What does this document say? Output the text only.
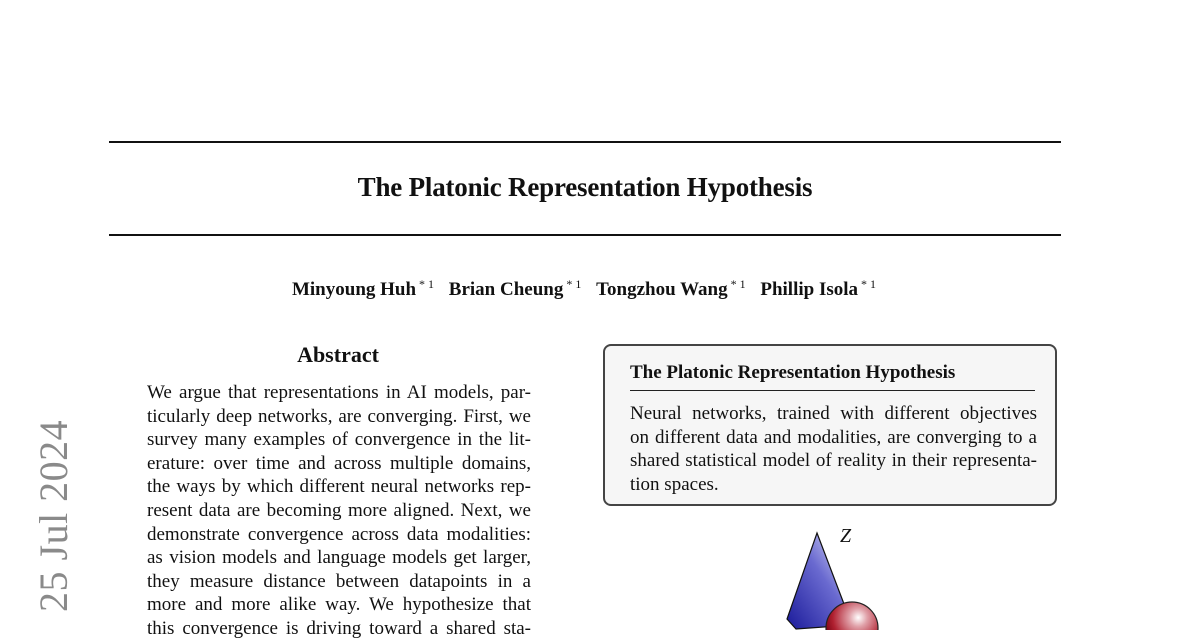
The Platonic Representation Hypothesis
Minyoung Huh $^{* 1}$ Brian Cheung $^{* 1}$ Tongzhou Wang $^{* 1}$ Phillip Isola $^{* 1}$
25 Jul 2024
Abstract
We argue that representations in AI models, par-
ticularly deep networks, are converging. First, we
survey many examples of convergence in the lit-
erature: over time and across multiple domains,
the ways by which different neural networks rep-
resent data are becoming more aligned. Next, we
demonstrate convergence across data modalities:
as vision models and language models get larger,
they measure distance between datapoints in a
more and more alike way. We hypothesize that
this convergence is driving toward a shared sta-
The Platonic Representation Hypothesis
Neural networks, trained with different objectives
on different data and modalities, are converging to a
shared statistical model of reality in their representa-
tion spaces.
Z
